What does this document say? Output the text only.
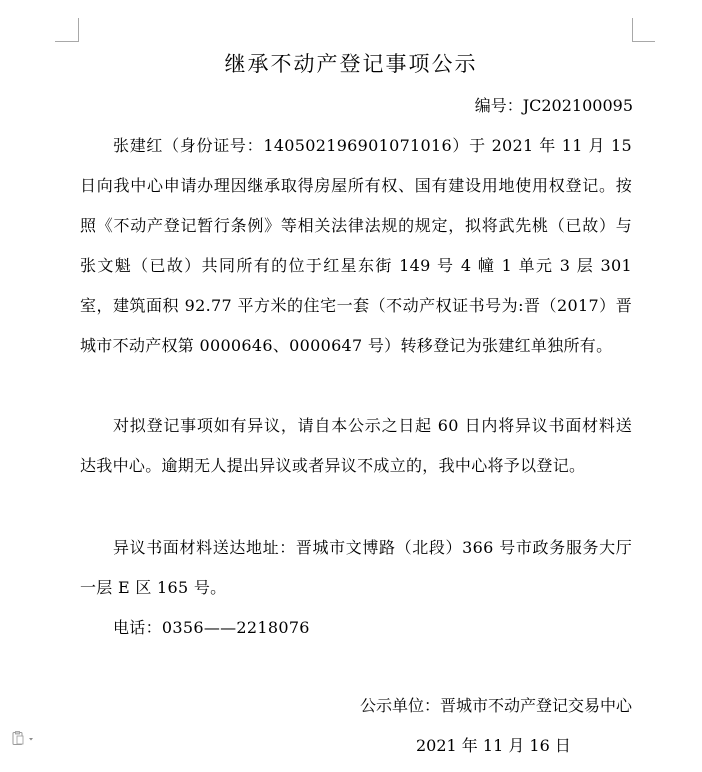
继承不动产登记事项公示
编号：JC202100095

张建红（身份证号：140502196901071016）于 2021 年 11 月 15 日向我中心申请办理因继承取得房屋所有权、国有建设用地使用权登记。按照《不动产登记暂行条例》等相关法律法规的规定，拟将武先桃（已故）与张文魁（已故）共同所有的位于红星东街 149 号 4 幢 1 单元 3 层 301 室，建筑面积 92.77 平方米的住宅一套（不动产权证书号为:晋（2017）晋城市不动产权第 0000646、0000647 号）转移登记为张建红单独所有。

对拟登记事项如有异议，请自本公示之日起 60 日内将异议书面材料送达我中心。逾期无人提出异议或者异议不成立的，我中心将予以登记。

异议书面材料送达地址：晋城市文博路（北段）366 号市政务服务大厅一层 E 区 165 号。

电话：0356——2218076

公示单位：晋城市不动产登记交易中心
2021 年 11 月 16 日
